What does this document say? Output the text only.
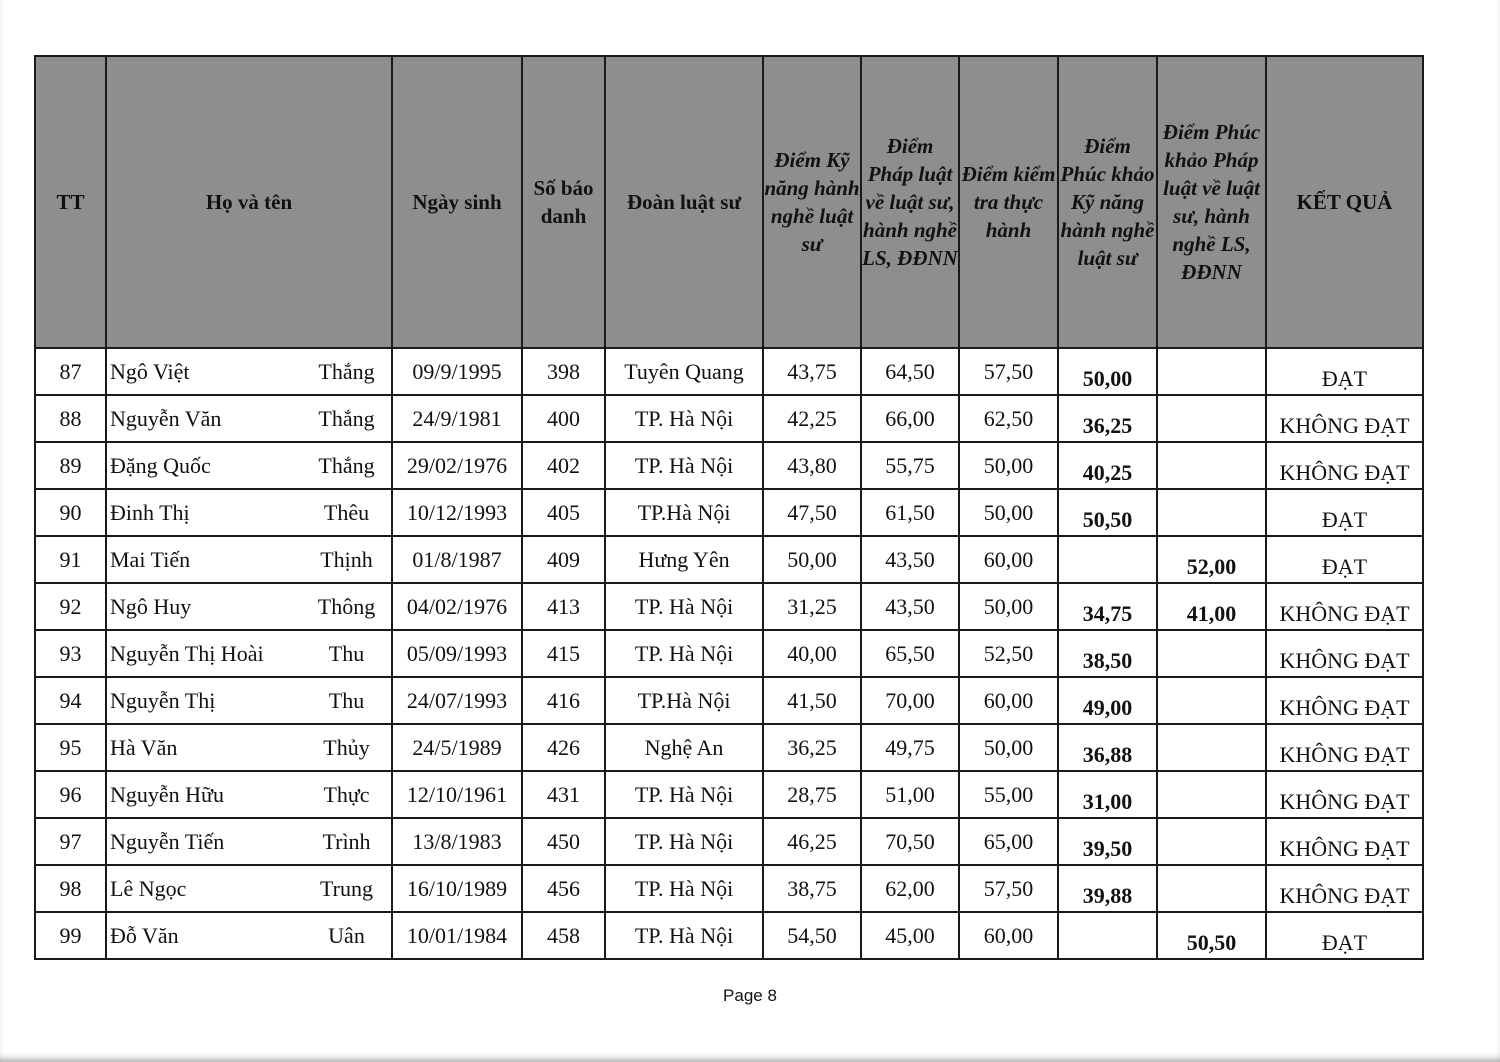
TT	Họ và tên		Ngày sinh	Số báo danh	Đoàn luật sư	Điểm Kỹ năng hành nghề luật sư	Điểm Pháp luật về luật sư, hành nghề LS, ĐĐNN	Điểm kiểm tra thực hành	Điểm Phúc khảo Kỹ năng hành nghề luật sư	Điểm Phúc khảo Pháp luật về luật sư, hành nghề LS, ĐĐNN	KẾT QUẢ
87	Ngô Việt	Thắng	09/9/1995	398	Tuyên Quang	43,75	64,50	57,50	50,00		ĐẠT
88	Nguyễn Văn	Thắng	24/9/1981	400	TP. Hà Nội	42,25	66,00	62,50	36,25		KHÔNG ĐẠT
89	Đặng Quốc	Thắng	29/02/1976	402	TP. Hà Nội	43,80	55,75	50,00	40,25		KHÔNG ĐẠT
90	Đinh Thị	Thêu	10/12/1993	405	TP.Hà Nội	47,50	61,50	50,00	50,50		ĐẠT
91	Mai Tiến	Thịnh	01/8/1987	409	Hưng Yên	50,00	43,50	60,00		52,00	ĐẠT
92	Ngô Huy	Thông	04/02/1976	413	TP. Hà Nội	31,25	43,50	50,00	34,75	41,00	KHÔNG ĐẠT
93	Nguyễn Thị Hoài	Thu	05/09/1993	415	TP. Hà Nội	40,00	65,50	52,50	38,50		KHÔNG ĐẠT
94	Nguyễn Thị	Thu	24/07/1993	416	TP.Hà Nội	41,50	70,00	60,00	49,00		KHÔNG ĐẠT
95	Hà Văn	Thủy	24/5/1989	426	Nghệ An	36,25	49,75	50,00	36,88		KHÔNG ĐẠT
96	Nguyễn Hữu	Thực	12/10/1961	431	TP. Hà Nội	28,75	51,00	55,00	31,00		KHÔNG ĐẠT
97	Nguyễn Tiến	Trình	13/8/1983	450	TP. Hà Nội	46,25	70,50	65,00	39,50		KHÔNG ĐẠT
98	Lê Ngọc	Trung	16/10/1989	456	TP. Hà Nội	38,75	62,00	57,50	39,88		KHÔNG ĐẠT
99	Đỗ Văn	Uân	10/01/1984	458	TP. Hà Nội	54,50	45,00	60,00		50,50	ĐẠT
Page 8
